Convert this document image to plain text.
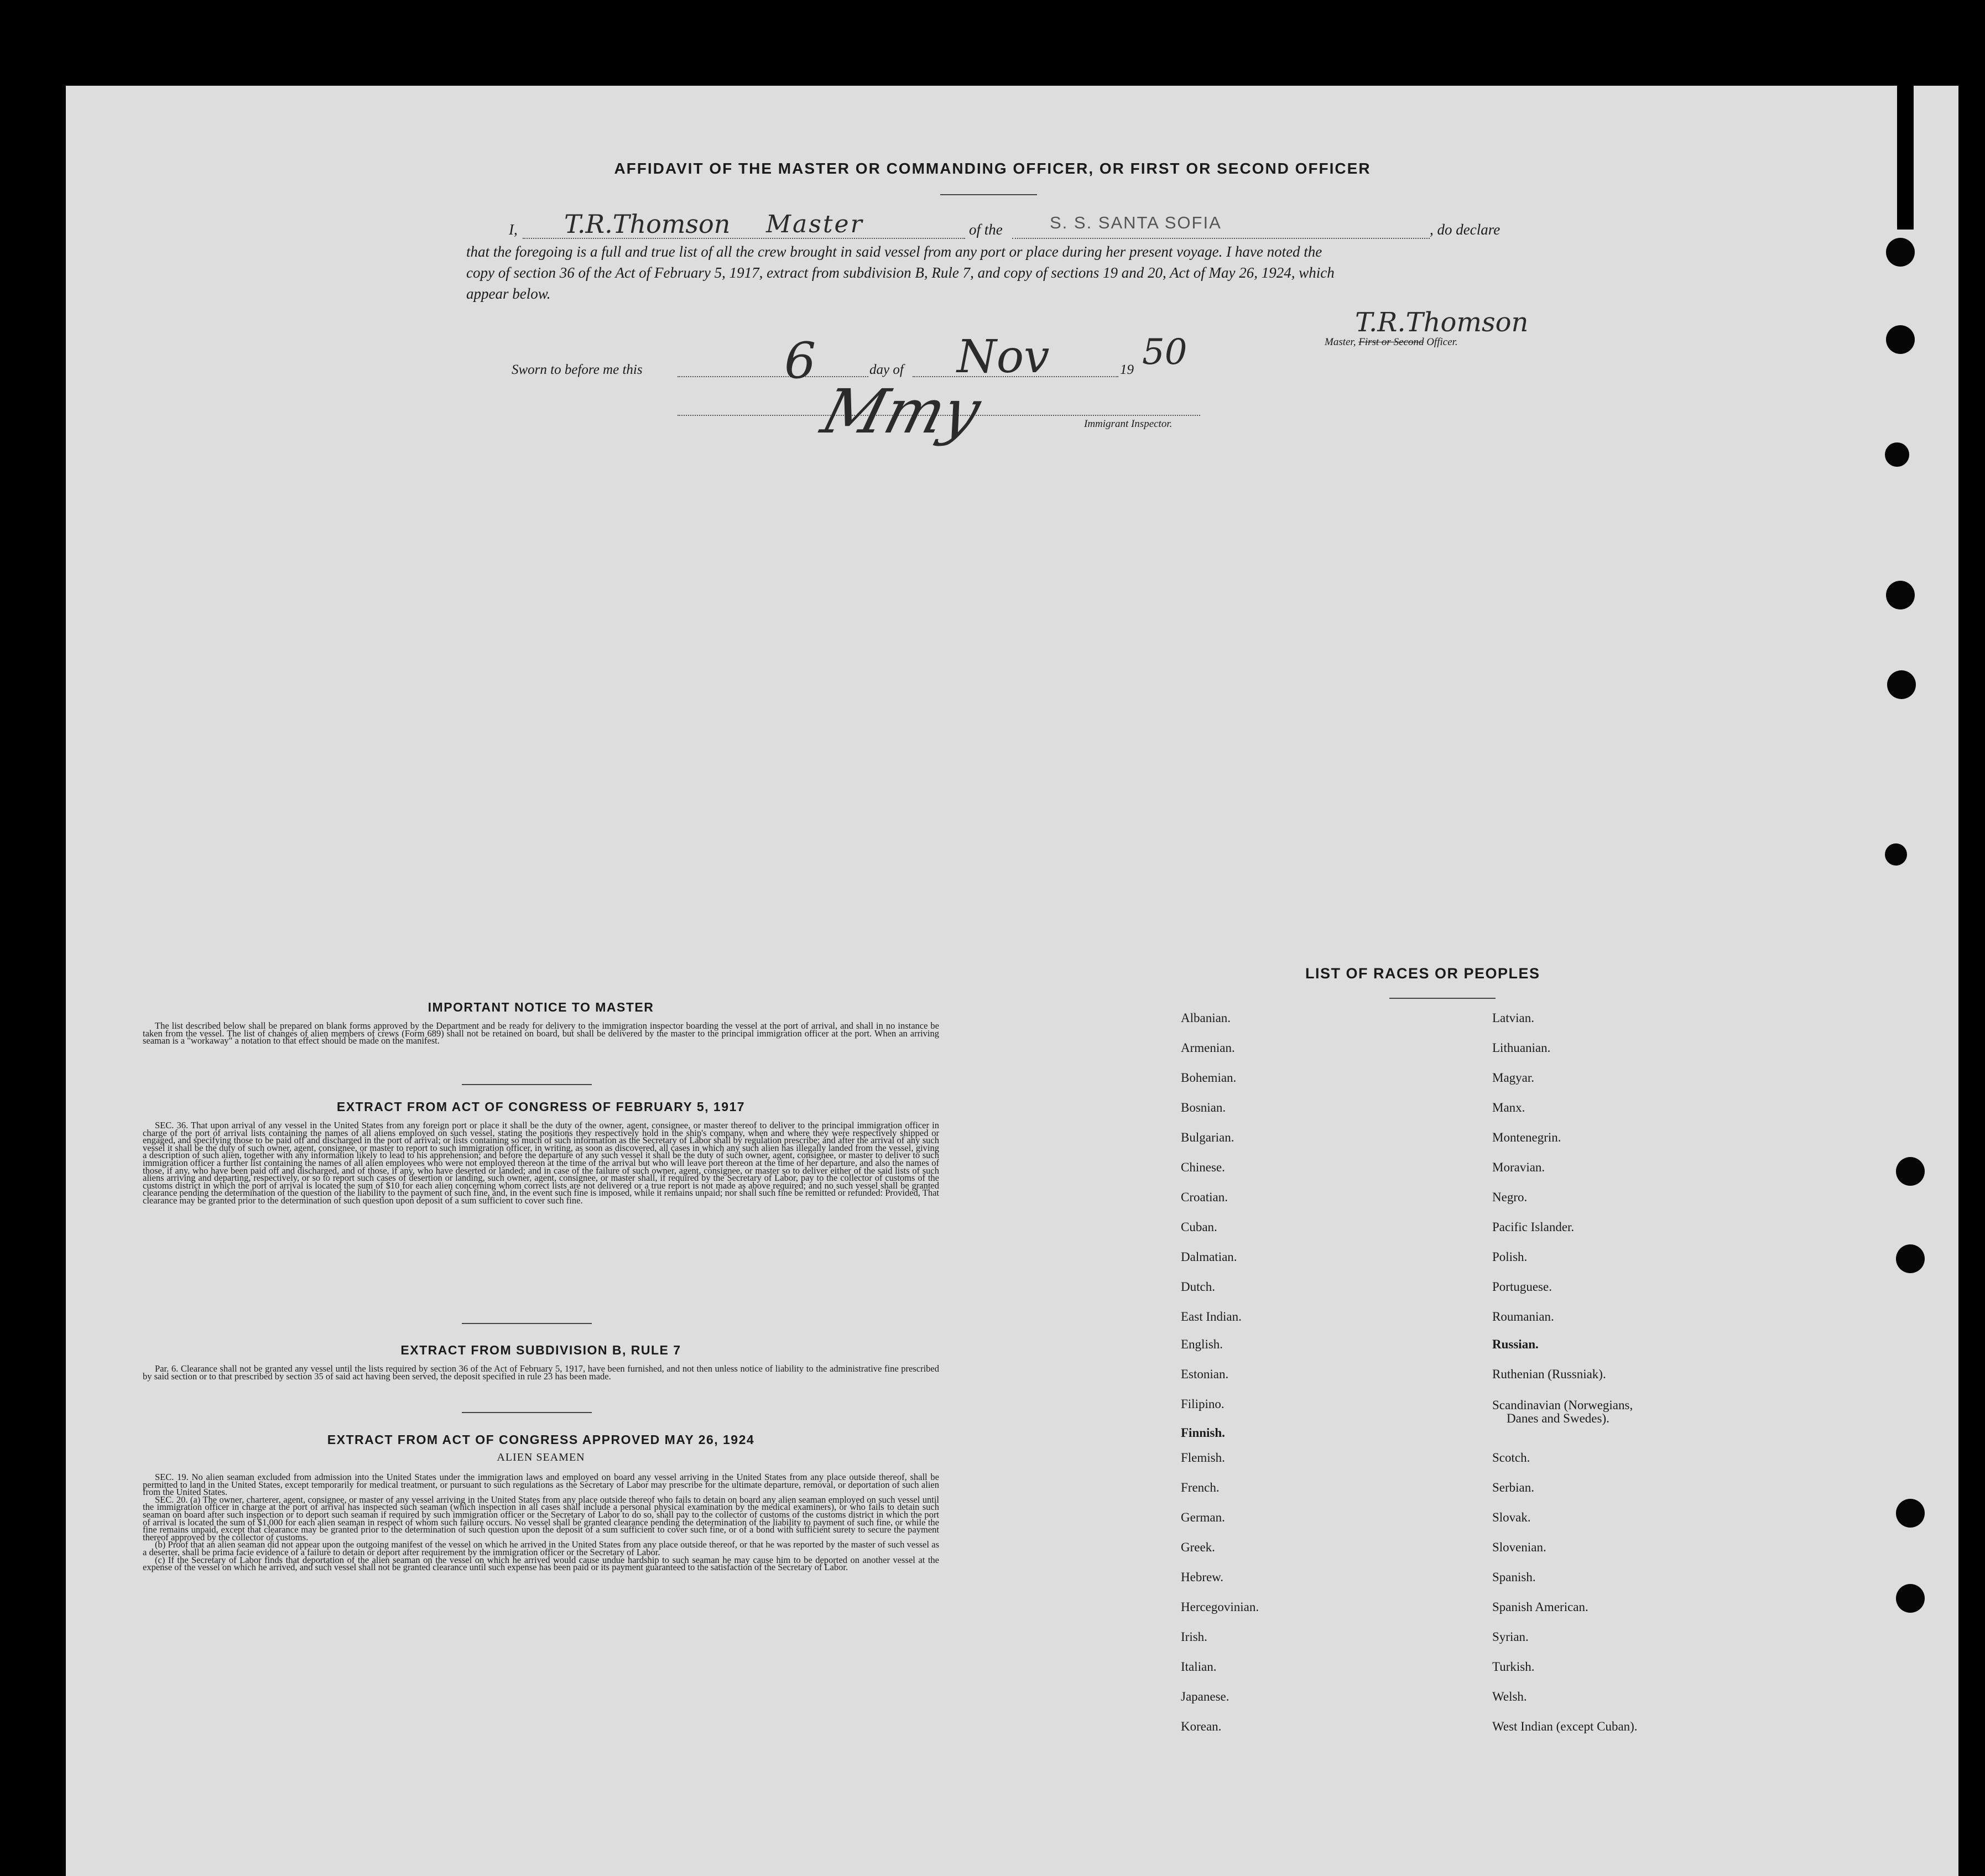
AFFIDAVIT OF THE MASTER OR COMMANDING OFFICER, OR FIRST OR SECOND OFFICER
I, T.R.Thomson Master	of the	S. S. SANTA SOFIA	, do declare
that the foregoing is a full and true list of all the crew brought in said vessel from any port or place during her present voyage. I have noted the
copy of section 36 of the Act of February 5, 1917, extract from subdivision B, Rule 7, and copy of sections 19 and 20, Act of May 26, 1924, which
appear below.
T.R.Thomson
Master, First or Second Officer.
Sworn to before me this	6	day of Nov	19 50
Mmy	Immigrant Inspector.
IMPORTANT NOTICE TO MASTER

The list described below shall be prepared on blank forms approved by the Department and be ready for delivery to the immigration inspector boarding the vessel at the port of arrival, and shall in no instance be taken from the vessel. The list of changes of alien members of crews (Form 689) shall not be retained on board, but shall be delivered by the master to the principal immigration officer at the port. When an arriving seaman is a "workaway" a notation to that effect should be made on the manifest.

EXTRACT FROM ACT OF CONGRESS OF FEBRUARY 5, 1917

SEC. 36. That upon arrival of any vessel in the United States from any foreign port or place it shall be the duty of the owner, agent, consignee, or master thereof to deliver to the principal immigration officer in charge of the port of arrival lists containing the names of all aliens employed on such vessel, stating the positions they respectively hold in the ship's company, when and where they were respectively shipped or engaged, and specifying those to be paid off and discharged in the port of arrival; or lists containing so much of such information as the Secretary of Labor shall by regulation prescribe; and after the arrival of any such vessel it shall be the duty of such owner, agent, consignee, or master to report to such immigration officer, in writing, as soon as discovered, all cases in which any such alien has illegally landed from the vessel, giving a description of such alien, together with any information likely to lead to his apprehension; and before the departure of any such vessel it shall be the duty of such owner, agent, consignee, or master to deliver to such immigration officer a further list containing the names of all alien employees who were not employed thereon at the time of the arrival but who will leave port thereon at the time of her departure, and also the names of those, if any, who have been paid off and discharged, and of those, if any, who have deserted or landed; and in case of the failure of such owner, agent, consignee, or master so to deliver either of the said lists of such aliens arriving and departing, respectively, or so to report such cases of desertion or landing, such owner, agent, consignee, or master shall, if required by the Secretary of Labor, pay to the collector of customs of the customs district in which the port of arrival is located the sum of $10 for each alien concerning whom correct lists are not delivered or a true report is not made as above required; and no such vessel shall be granted clearance pending the determination of the question of the liability to the payment of such fine, and, in the event such fine is imposed, while it remains unpaid; nor shall such fine be remitted or refunded: Provided, That clearance may be granted prior to the determination of such question upon deposit of a sum sufficient to cover such fine.

EXTRACT FROM SUBDIVISION B, RULE 7

Par. 6. Clearance shall not be granted any vessel until the lists required by section 36 of the Act of February 5, 1917, have been furnished, and not then unless notice of liability to the administrative fine prescribed by said section or to that prescribed by section 35 of said act having been served, the deposit specified in rule 23 has been made.

EXTRACT FROM ACT OF CONGRESS APPROVED MAY 26, 1924
ALIEN SEAMEN

SEC. 19. No alien seaman excluded from admission into the United States under the immigration laws and employed on board any vessel arriving in the United States from any place outside thereof, shall be permitted to land in the United States, except temporarily for medical treatment, or pursuant to such regulations as the Secretary of Labor may prescribe for the ultimate departure, removal, or deportation of such alien from the United States.

SEC. 20. (a) The owner, charterer, agent, consignee, or master of any vessel arriving in the United States from any place outside thereof who fails to detain on board any alien seaman employed on such vessel until the immigration officer in charge at the port of arrival has inspected such seaman (which inspection in all cases shall include a personal physical examination by the medical examiners), or who fails to detain such seaman on board after such inspection or to deport such seaman if required by such immigration officer or the Secretary of Labor to do so, shall pay to the collector of customs of the customs district in which the port of arrival is located the sum of $1,000 for each alien seaman in respect of whom such failure occurs. No vessel shall be granted clearance pending the determination of the liability to payment of such fine, or while the fine remains unpaid, except that clearance may be granted prior to the determination of such question upon the deposit of a sum sufficient to cover such fine, or of a bond with sufficient surety to secure the payment thereof approved by the collector of customs.

(b) Proof that an alien seaman did not appear upon the outgoing manifest of the vessel on which he arrived in the United States from any place outside thereof, or that he was reported by the master of such vessel as a deserter, shall be prima facie evidence of a failure to detain or deport after requirement by the immigration officer or the Secretary of Labor.

(c) If the Secretary of Labor finds that deportation of the alien seaman on the vessel on which he arrived would cause undue hardship to such seaman he may cause him to be deported on another vessel at the expense of the vessel on which he arrived, and such vessel shall not be granted clearance until such expense has been paid or its payment guaranteed to the satisfaction of the Secretary of Labor.

LIST OF RACES OR PEOPLES
Albanian.
Armenian.
Bohemian.
Bosnian.
Bulgarian.
Chinese.
Croatian.
Cuban.
Dalmatian.
Dutch.
East Indian.
English.
Estonian.
Filipino.
Finnish.
Flemish.
French.
German.
Greek.
Hebrew.
Hercegovinian.
Irish.
Italian.
Japanese.
Korean.
Latvian.
Lithuanian.
Magyar.
Manx.
Montenegrin.
Moravian.
Negro.
Pacific Islander.
Polish.
Portuguese.
Roumanian.
Russian.
Ruthenian (Russniak).
Scandinavian (Norwegians,
Danes and Swedes).
Scotch.
Serbian.
Slovak.
Slovenian.
Spanish.
Spanish American.
Syrian.
Turkish.
Welsh.
West Indian (except Cuban).
